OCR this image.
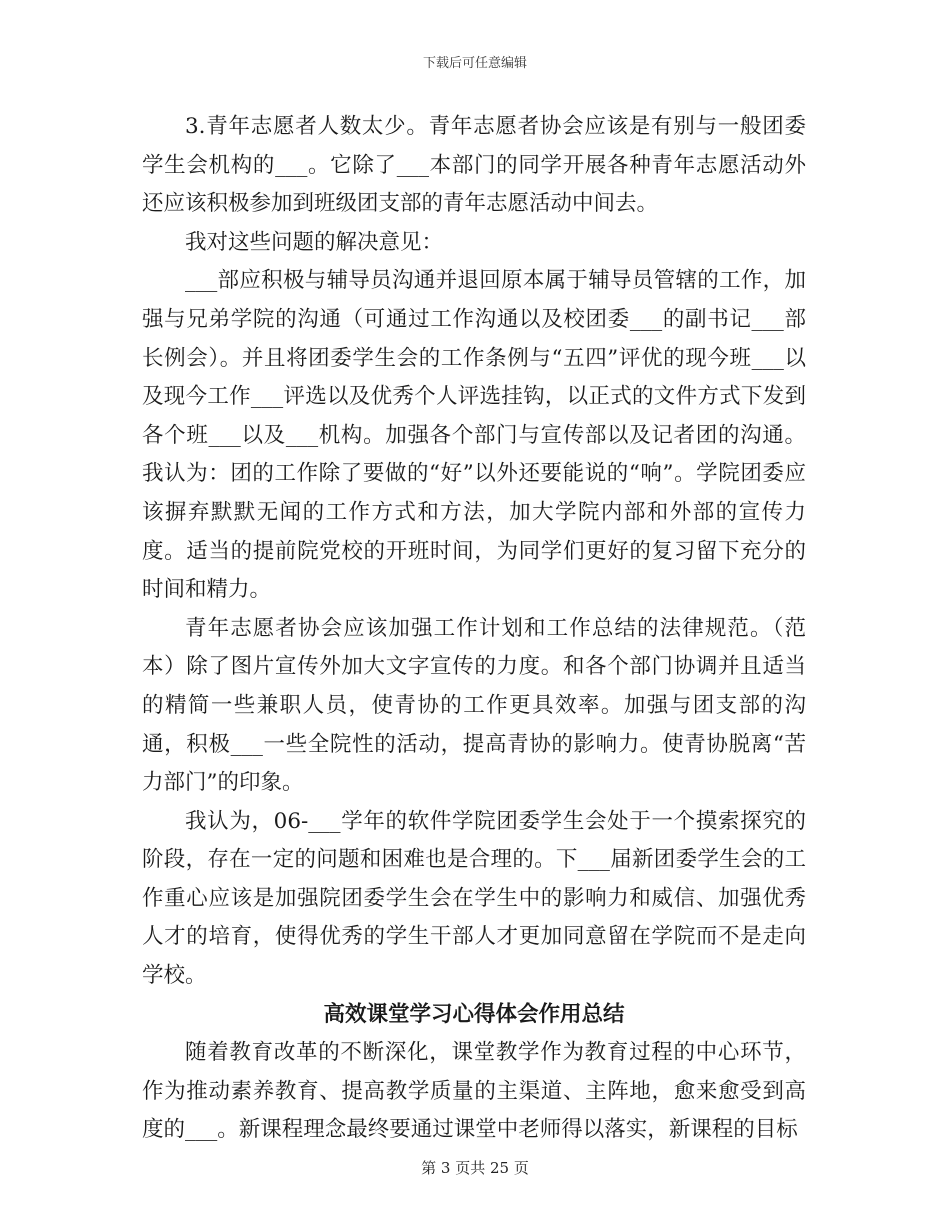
下载后可任意编辑

3.青年志愿者人数太少。青年志愿者协会应该是有别与一般团委学生会机构的___。它除了___本部门的同学开展各种青年志愿活动外还应该积极参加到班级团支部的青年志愿活动中间去。

我对这些问题的解决意见：

___部应积极与辅导员沟通并退回原本属于辅导员管辖的工作，加强与兄弟学院的沟通（可通过工作沟通以及校团委___的副书记___部长例会）。并且将团委学生会的工作条例与“五四”评优的现今班___以及现今工作___评选以及优秀个人评选挂钩，以正式的文件方式下发到各个班___以及___机构。加强各个部门与宣传部以及记者团的沟通。我认为：团的工作除了要做的“好”以外还要能说的“响”。学院团委应该摒弃默默无闻的工作方式和方法，加大学院内部和外部的宣传力度。适当的提前院党校的开班时间，为同学们更好的复习留下充分的时间和精力。

青年志愿者协会应该加强工作计划和工作总结的法律规范。（范本）除了图片宣传外加大文字宣传的力度。和各个部门协调并且适当的精简一些兼职人员，使青协的工作更具效率。加强与团支部的沟通，积极___一些全院性的活动，提高青协的影响力。使青协脱离“苦力部门”的印象。

我认为，06-___学年的软件学院团委学生会处于一个摸索探究的阶段，存在一定的问题和困难也是合理的。下___届新团委学生会的工作重心应该是加强院团委学生会在学生中的影响力和威信、加强优秀人才的培育，使得优秀的学生干部人才更加同意留在学院而不是走向学校。

高效课堂学习心得体会作用总结

随着教育改革的不断深化，课堂教学作为教育过程的中心环节，作为推动素养教育、提高教学质量的主渠道、主阵地，愈来愈受到高度的___。新课程理念最终要通过课堂中老师得以落实，新课程的目标

第 3 页共 25 页
